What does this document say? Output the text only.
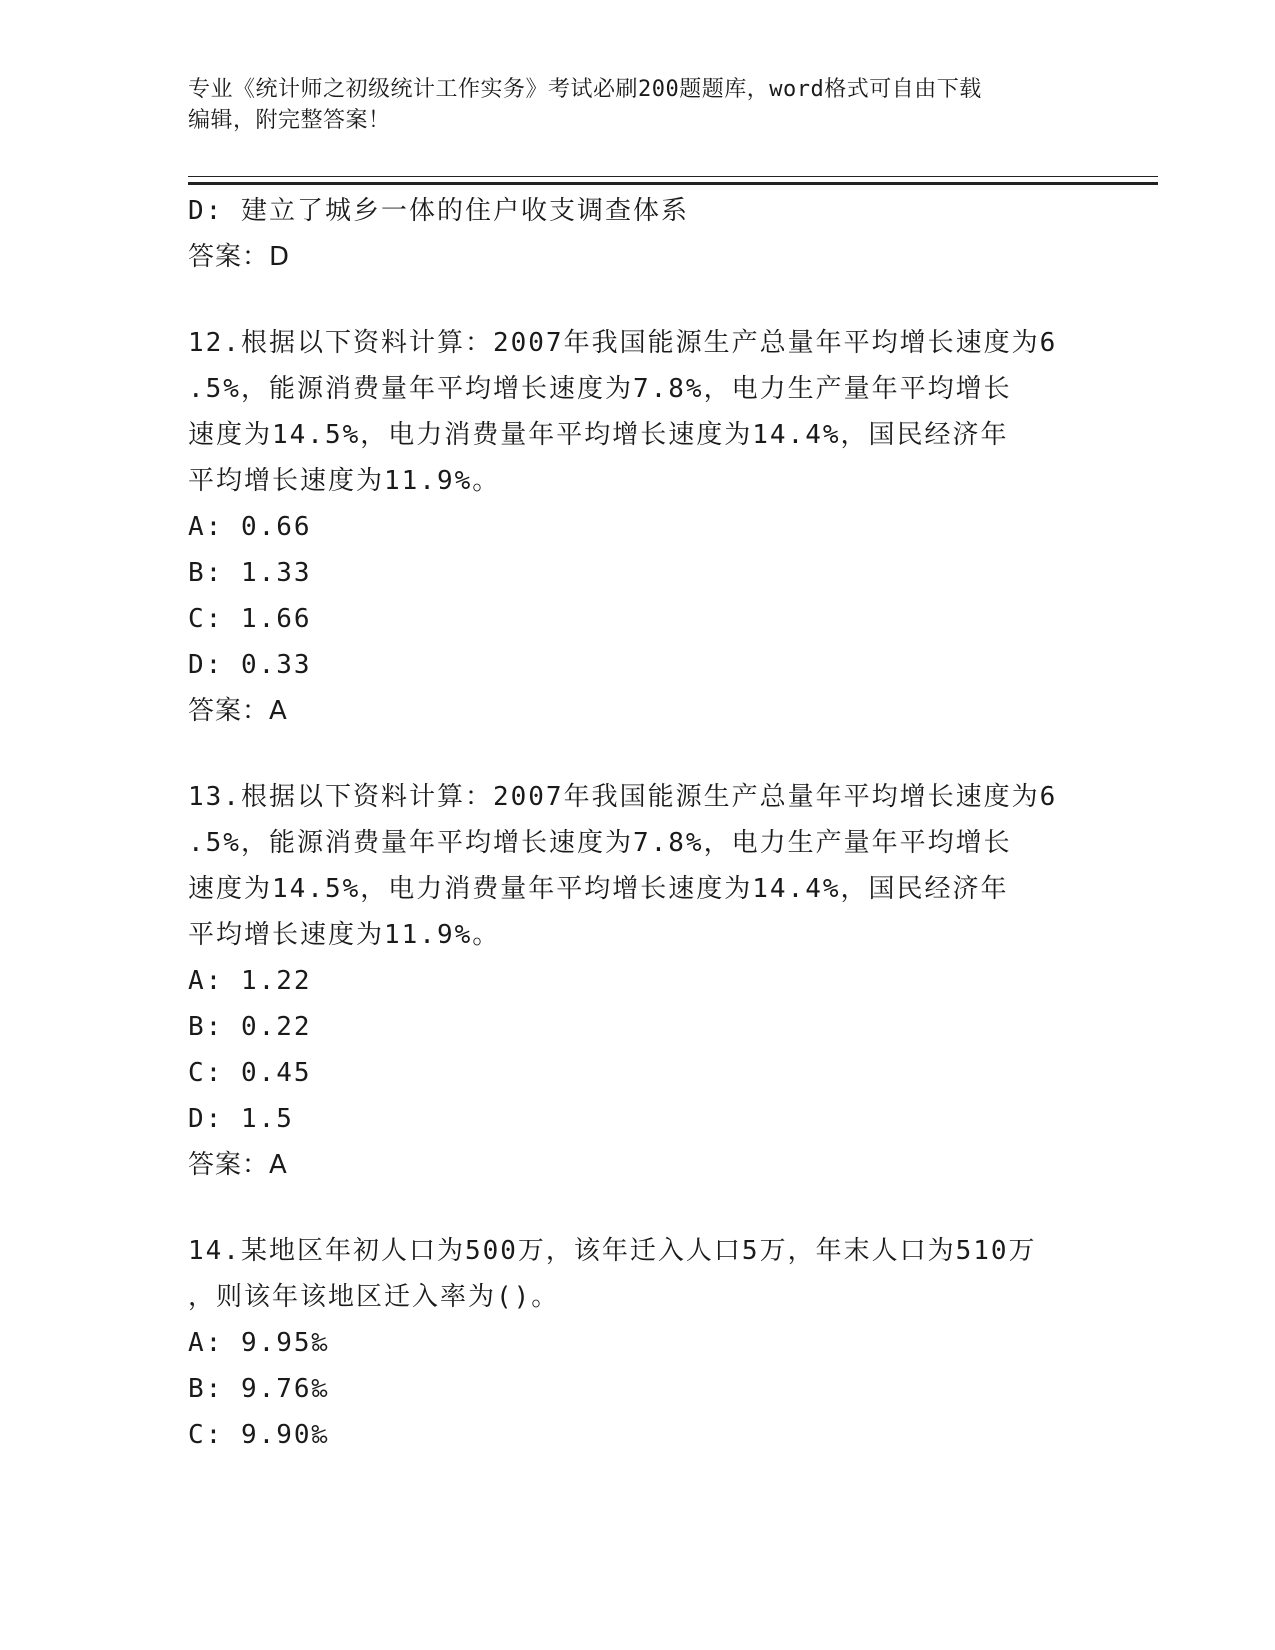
专业《统计师之初级统计工作实务》考试必刷200题题库，word格式可自由下载
编辑，附完整答案！
D: 建立了城乡一体的住户收支调查体系
答案：D
12.根据以下资料计算：2007年我国能源生产总量年平均增长速度为6
.5%，能源消费量年平均增长速度为7.8%，电力生产量年平均增长
速度为14.5%，电力消费量年平均增长速度为14.4%，国民经济年
平均增长速度为11.9%。
A: 0.66
B: 1.33
C: 1.66
D: 0.33
答案：A
13.根据以下资料计算：2007年我国能源生产总量年平均增长速度为6
.5%，能源消费量年平均增长速度为7.8%，电力生产量年平均增长
速度为14.5%，电力消费量年平均增长速度为14.4%，国民经济年
平均增长速度为11.9%。
A: 1.22
B: 0.22
C: 0.45
D: 1.5
答案：A
14.某地区年初人口为500万，该年迁入人口5万，年末人口为510万
，则该年该地区迁入率为()。
A: 9.95‰
B: 9.76‰
C: 9.90‰
